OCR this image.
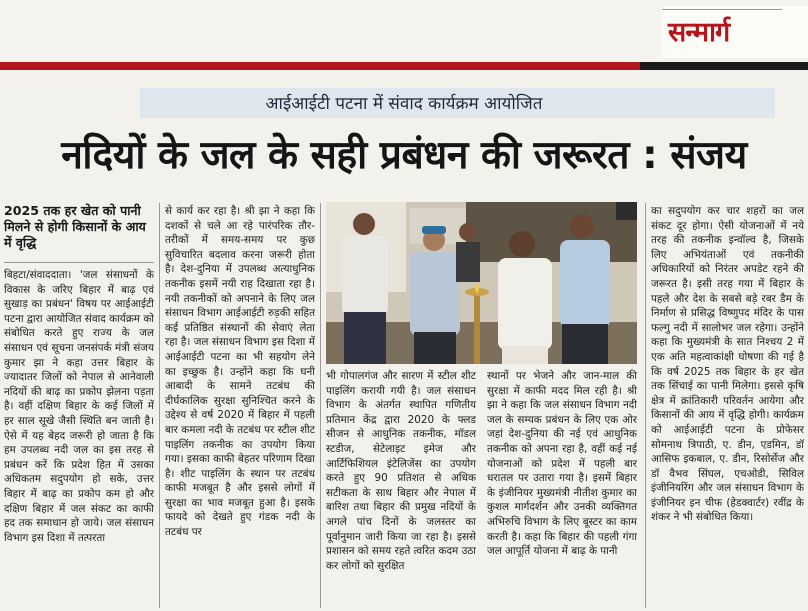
सन्मार्ग
आईआईटी पटना में संवाद कार्यक्रम आयोजित
नदियों के जल के सही प्रबंधन की जरूरत : संजय
2025 तक हर खेत को पानी मिलने से होगी किसानों के आय में वृद्धि

बिहटा/संवाददाता। 'जल संसाधनों के विकास के जरिए बिहार में बाढ़ एवं सुखाड़ का प्रबंधन' विषय पर आईआईटी पटना द्वारा आयोजित संवाद कार्यक्रम को संबोधित करते हुए राज्य के जल संसाधन एवं सूचना जनसंपर्क मंत्री संजय कुमार झा ने कहा उत्तर बिहार के ज्यादातर जिलों को नेपाल से आनेवाली नदियों की बाढ़ का प्रकोप झेलना पड़ता है। वहीं दक्षिण बिहार के कई जिलों में हर साल सूखे जैसी स्थिति बन जाती है। ऐसे में यह बेहद जरूरी हो जाता है कि हम उपलब्ध नदी जल का इस तरह से प्रबंधन करें कि प्रदेश हित में उसका अधिकतम सदुपयोग हो सके, उत्तर बिहार में बाढ़ का प्रकोप कम हो और दक्षिण बिहार में जल संकट का काफी हद तक समाधान हो जाये। जल संसाधन विभाग इस दिशा में तत्परता

से कार्य कर रहा है। श्री झा ने कहा कि दशकों से चले आ रहे पारंपरिक तौर-तरीकों में समय-समय पर कुछ सुविचारित बदलाव करना जरूरी होता है। देश-दुनिया में उपलब्ध अत्याधुनिक तकनीक इसमें नयी राह दिखाता रहा है। नयी तकनीकों को अपनाने के लिए जल संसाधन विभाग आईआईटी रुड़की सहित कई प्रतिष्ठित संस्थानों की सेवाएं लेता रहा है। जल संसाधन विभाग इस दिशा में आईआईटी पटना का भी सहयोग लेने का इच्छुक है। उन्होंने कहा कि घनी आबादी के सामने तटबंध की दीर्घकालिक सुरक्षा सुनिश्चित करने के उद्देश्य से वर्ष 2020 में बिहार में पहली बार कमला नदी के तटबंध पर स्टील शीट पाइलिंग तकनीक का उपयोग किया गया। इसका काफी बेहतर परिणाम दिखा है। शीट पाइलिंग के स्थान पर तटबंध काफी मजबूत है और इससे लोगों में सुरक्षा का भाव मजबूत हुआ है। इसके फायदे को देखते हुए गंडक नदी के तटबंध पर

भी गोपालगंज और सारण में स्टील शीट पाइलिंग करायी गयी है। जल संसाधन विभाग के अंतर्गत स्थापित गणितीय प्रतिमान केंद्र द्वारा 2020 के फ्लड सीजन से आधुनिक तकनीक, मॉडल स्टडीज, सेटेलाइट इमेज और आर्टिफिशियल इंटेलिजेंस का उपयोग करते हुए 90 प्रतिशत से अधिक सटीकता के साथ बिहार और नेपाल में बारिश तथा बिहार की प्रमुख नदियों के अगले पांच दिनों के जलस्तर का पूर्वानुमान जारी किया जा रहा है। इससे प्रशासन को समय रहते त्वरित कदम उठा कर लोगों को सुरक्षित

स्थानों पर भेजने और जान-माल की सुरक्षा में काफी मदद मिल रही है। श्री झा ने कहा कि जल संसाधन विभाग नदी जल के सम्यक प्रबंधन के लिए एक ओर जहां देश-दुनिया की नई एवं आधुनिक तकनीक को अपना रहा है, वहीं कई नई योजनाओं को प्रदेश में पहली बार धरातल पर उतारा गया है। इसमें बिहार के इंजीनियर मुख्यमंत्री नीतीश कुमार का कुशल मार्गदर्शन और उनकी व्यक्तिगत अभिरुचि विभाग के लिए बूस्टर का काम करती है। कहा कि बिहार की पहली गंगा जल आपूर्ति योजना में बाढ़ के पानी

का सदुपयोग कर चार शहरों का जल संकट दूर होगा। ऐसी योजनाओं में नये तरह की तकनीक इन्वॉल्व है, जिसके लिए अभियंताओं एवं तकनीकी अधिकारियों को निरंतर अपडेट रहने की जरूरत है। इसी तरह गया में बिहार के पहले और देश के सबसे बड़े रबर डैम के निर्माण से प्रसिद्ध विष्णुपद मंदिर के पास फल्गु नदी में सालोभर जल रहेगा। उन्होंने कहा कि मुख्यमंत्री के सात निश्चय 2 में एक अति महत्वाकांक्षी घोषणा की गई है कि वर्ष 2025 तक बिहार के हर खेत तक सिंचाई का पानी मिलेगा। इससे कृषि क्षेत्र में क्रांतिकारी परिवर्तन आयेगा और किसानों की आय में वृद्धि होगी। कार्यक्रम को आईआईटी पटना के प्रोफेसर सोमनाथ त्रिपाठी, ए. डीन, एडमिन, डॉ आसिफ इकबाल, ए. डीन, रिसोर्सेज और डॉ वैभव सिंघल, एचओडी, सिविल इंजीनियरिंग और जल संसाधन विभाग के इंजीनियर इन चीफ (हेडक्वार्टर) रवींद्र के शंकर ने भी संबोधित किया।
